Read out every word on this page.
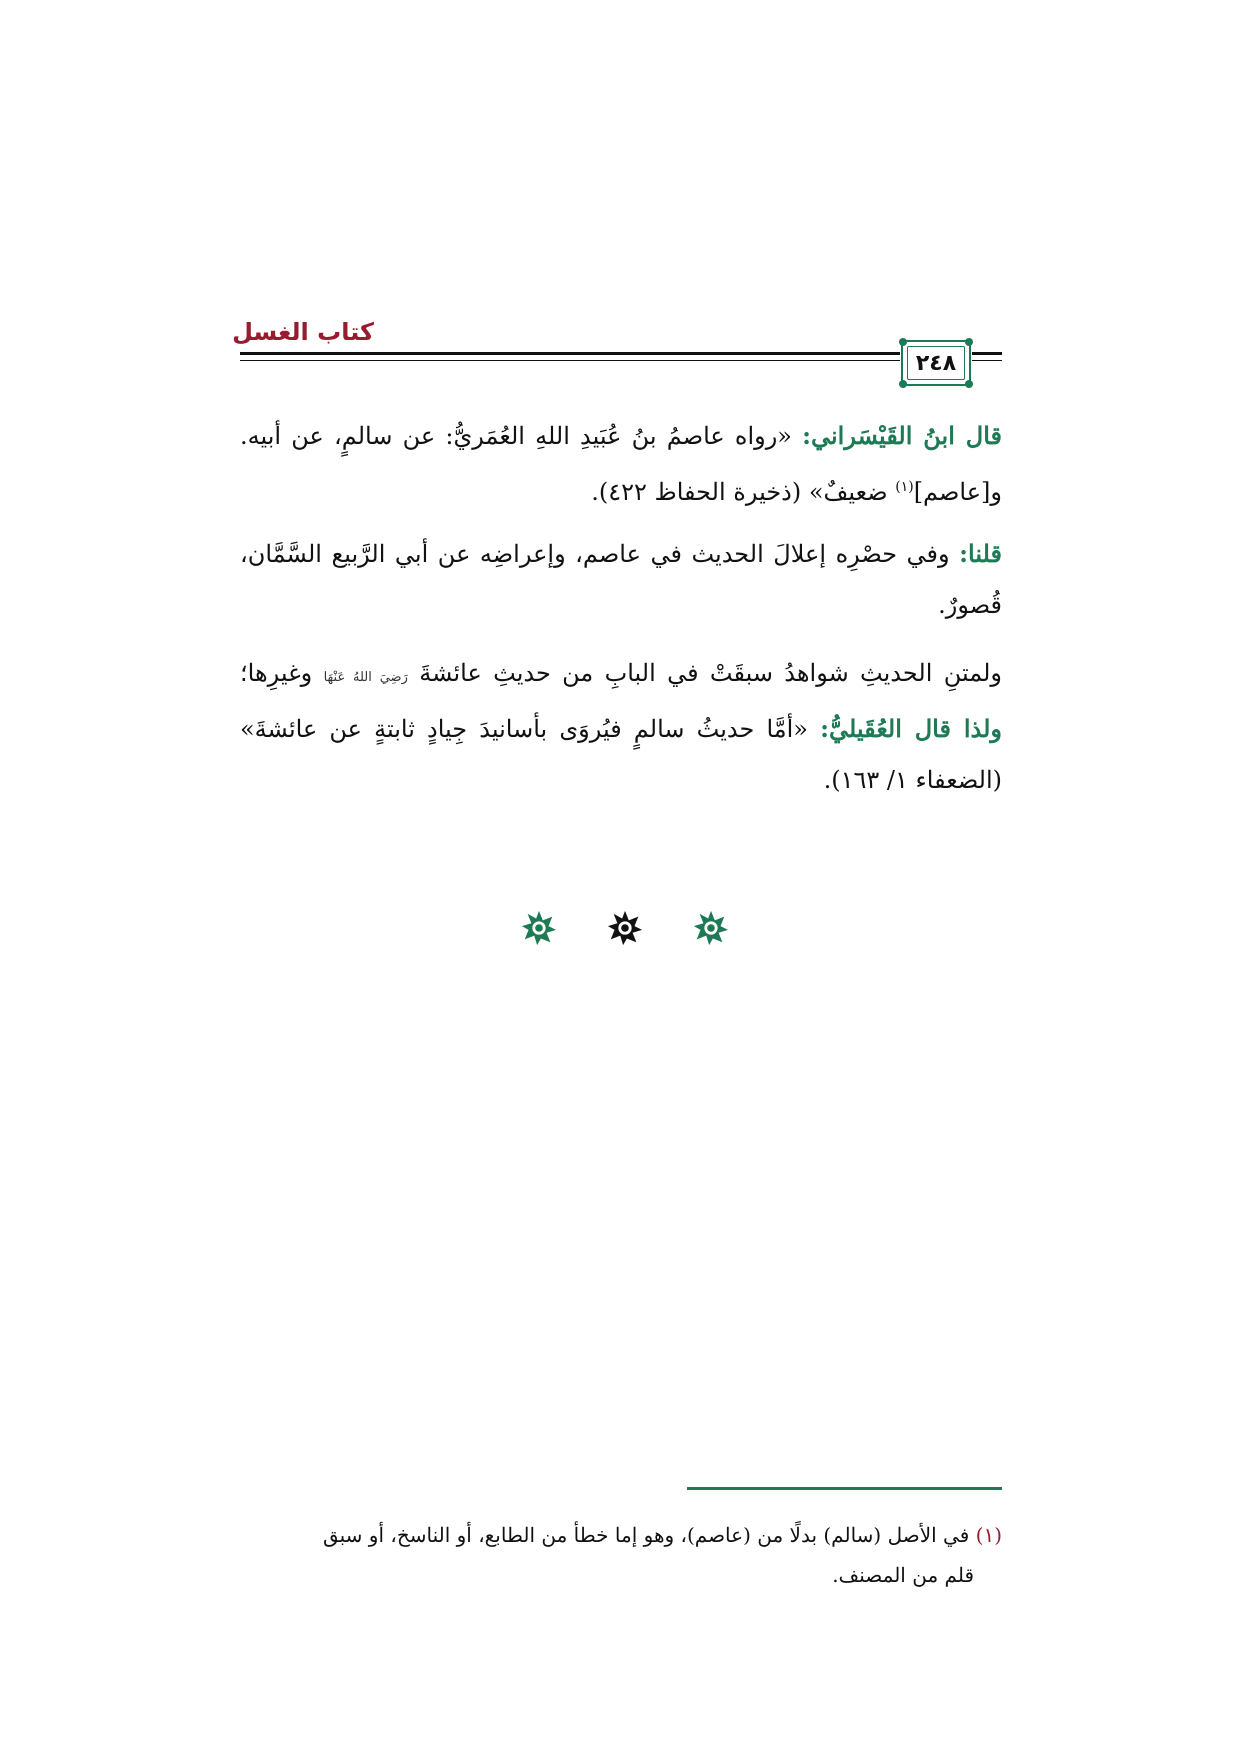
كتاب الغسل
٢٤٨
قال ابنُ القَيْسَراني: «رواه عاصمُ بنُ عُبَيدِ اللهِ العُمَريُّ: عن سالمٍ، عن أبيه. و[عاصم]$^{(١)}$ ضعيفٌ» (ذخيرة الحفاظ ٤٢٢).
قلنا: وفي حصْرِه إعلالَ الحديث في عاصم، وإعراضِه عن أبي الرَّبيع السَّمَّان، قُصورٌ.
ولمتنِ الحديثِ شواهدُ سبقَتْ في البابِ من حديثِ عائشةَ رَضِيَ اللهُ عَنْهَا وغيرِها؛ ولذا قال العُقَيليُّ: «أمَّا حديثُ سالمٍ فيُروَى بأسانيدَ جِيادٍ ثابتةٍ عن عائشةَ» (الضعفاء ١/ ١٦٣).
(١) في الأصل (سالم) بدلًا من (عاصم)، وهو إما خطأ من الطابع، أو الناسخ، أو سبق
قلم من المصنف.
